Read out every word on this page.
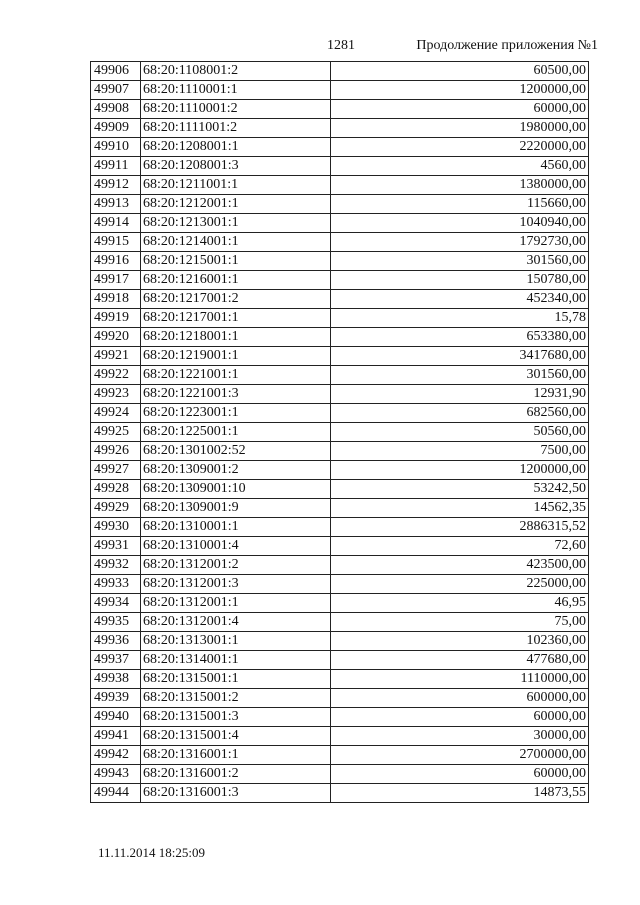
1281	Продолжение приложения №1
49906	68:20:1108001:2	60500,00
49907	68:20:1110001:1	1200000,00
49908	68:20:1110001:2	60000,00
49909	68:20:1111001:2	1980000,00
49910	68:20:1208001:1	2220000,00
49911	68:20:1208001:3	4560,00
49912	68:20:1211001:1	1380000,00
49913	68:20:1212001:1	115660,00
49914	68:20:1213001:1	1040940,00
49915	68:20:1214001:1	1792730,00
49916	68:20:1215001:1	301560,00
49917	68:20:1216001:1	150780,00
49918	68:20:1217001:2	452340,00
49919	68:20:1217001:1	15,78
49920	68:20:1218001:1	653380,00
49921	68:20:1219001:1	3417680,00
49922	68:20:1221001:1	301560,00
49923	68:20:1221001:3	12931,90
49924	68:20:1223001:1	682560,00
49925	68:20:1225001:1	50560,00
49926	68:20:1301002:52	7500,00
49927	68:20:1309001:2	1200000,00
49928	68:20:1309001:10	53242,50
49929	68:20:1309001:9	14562,35
49930	68:20:1310001:1	2886315,52
49931	68:20:1310001:4	72,60
49932	68:20:1312001:2	423500,00
49933	68:20:1312001:3	225000,00
49934	68:20:1312001:1	46,95
49935	68:20:1312001:4	75,00
49936	68:20:1313001:1	102360,00
49937	68:20:1314001:1	477680,00
49938	68:20:1315001:1	1110000,00
49939	68:20:1315001:2	600000,00
49940	68:20:1315001:3	60000,00
49941	68:20:1315001:4	30000,00
49942	68:20:1316001:1	2700000,00
49943	68:20:1316001:2	60000,00
49944	68:20:1316001:3	14873,55
11.11.2014 18:25:09
